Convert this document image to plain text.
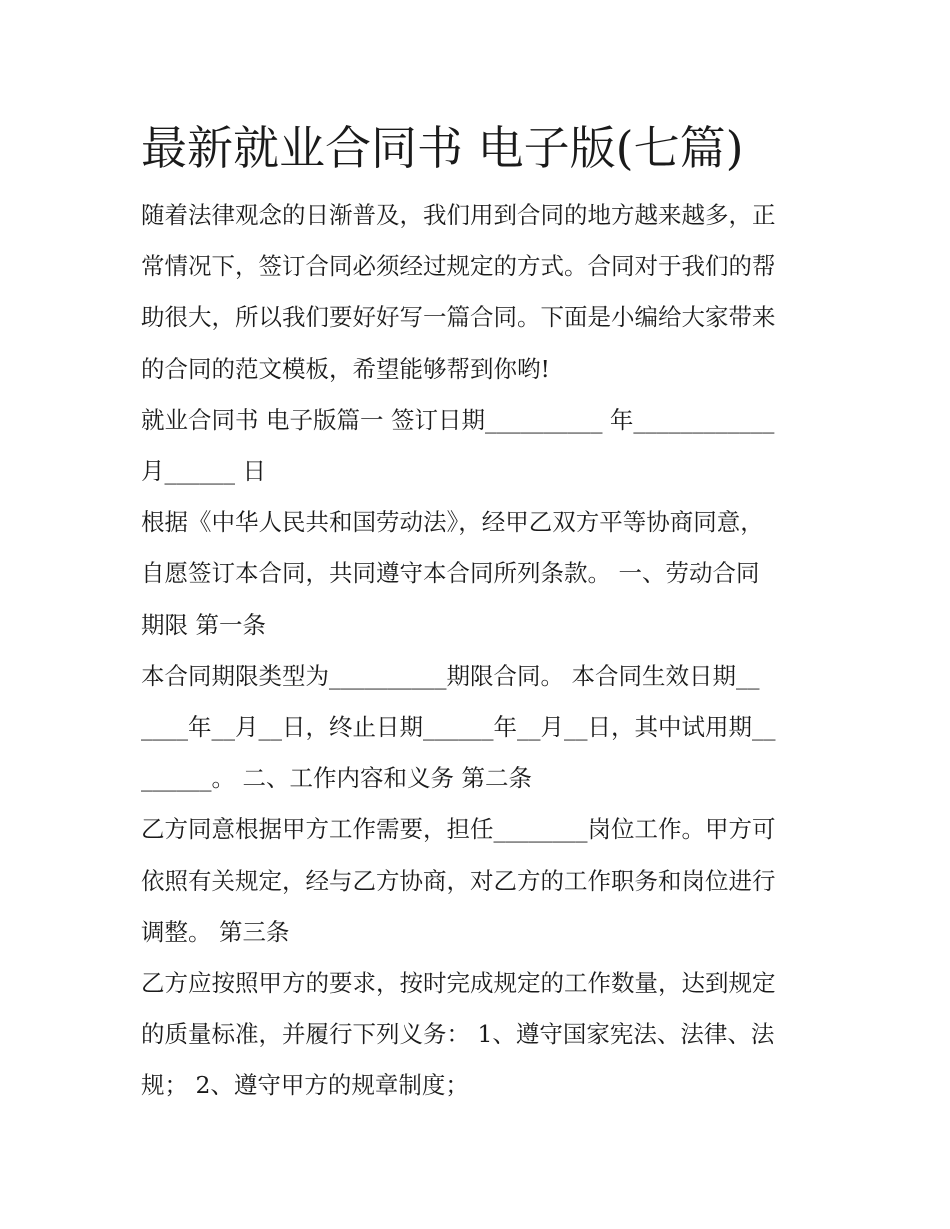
最新就业合同书 电子版(七篇)

随着法律观念的日渐普及，我们用到合同的地方越来越多，正

常情况下，签订合同必须经过规定的方式。合同对于我们的帮

助很大，所以我们要好好写一篇合同。下面是小编给大家带来

的合同的范文模板，希望能够帮到你哟!

就业合同书 电子版篇一 签订日期__________ 年____________

月______ 日

根据《中华人民共和国劳动法》，经甲乙双方平等协商同意，

自愿签订本合同，共同遵守本合同所列条款。 一、劳动合同

期限 第一条

本合同期限类型为__________期限合同。 本合同生效日期__

____年__月__日，终止日期______年__月__日，其中试用期__

______。 二、工作内容和义务 第二条

乙方同意根据甲方工作需要，担任________岗位工作。甲方可

依照有关规定，经与乙方协商，对乙方的工作职务和岗位进行

调整。 第三条

乙方应按照甲方的要求，按时完成规定的工作数量，达到规定

的质量标准，并履行下列义务： 1、遵守国家宪法、法律、法

规； 2、遵守甲方的规章制度；
